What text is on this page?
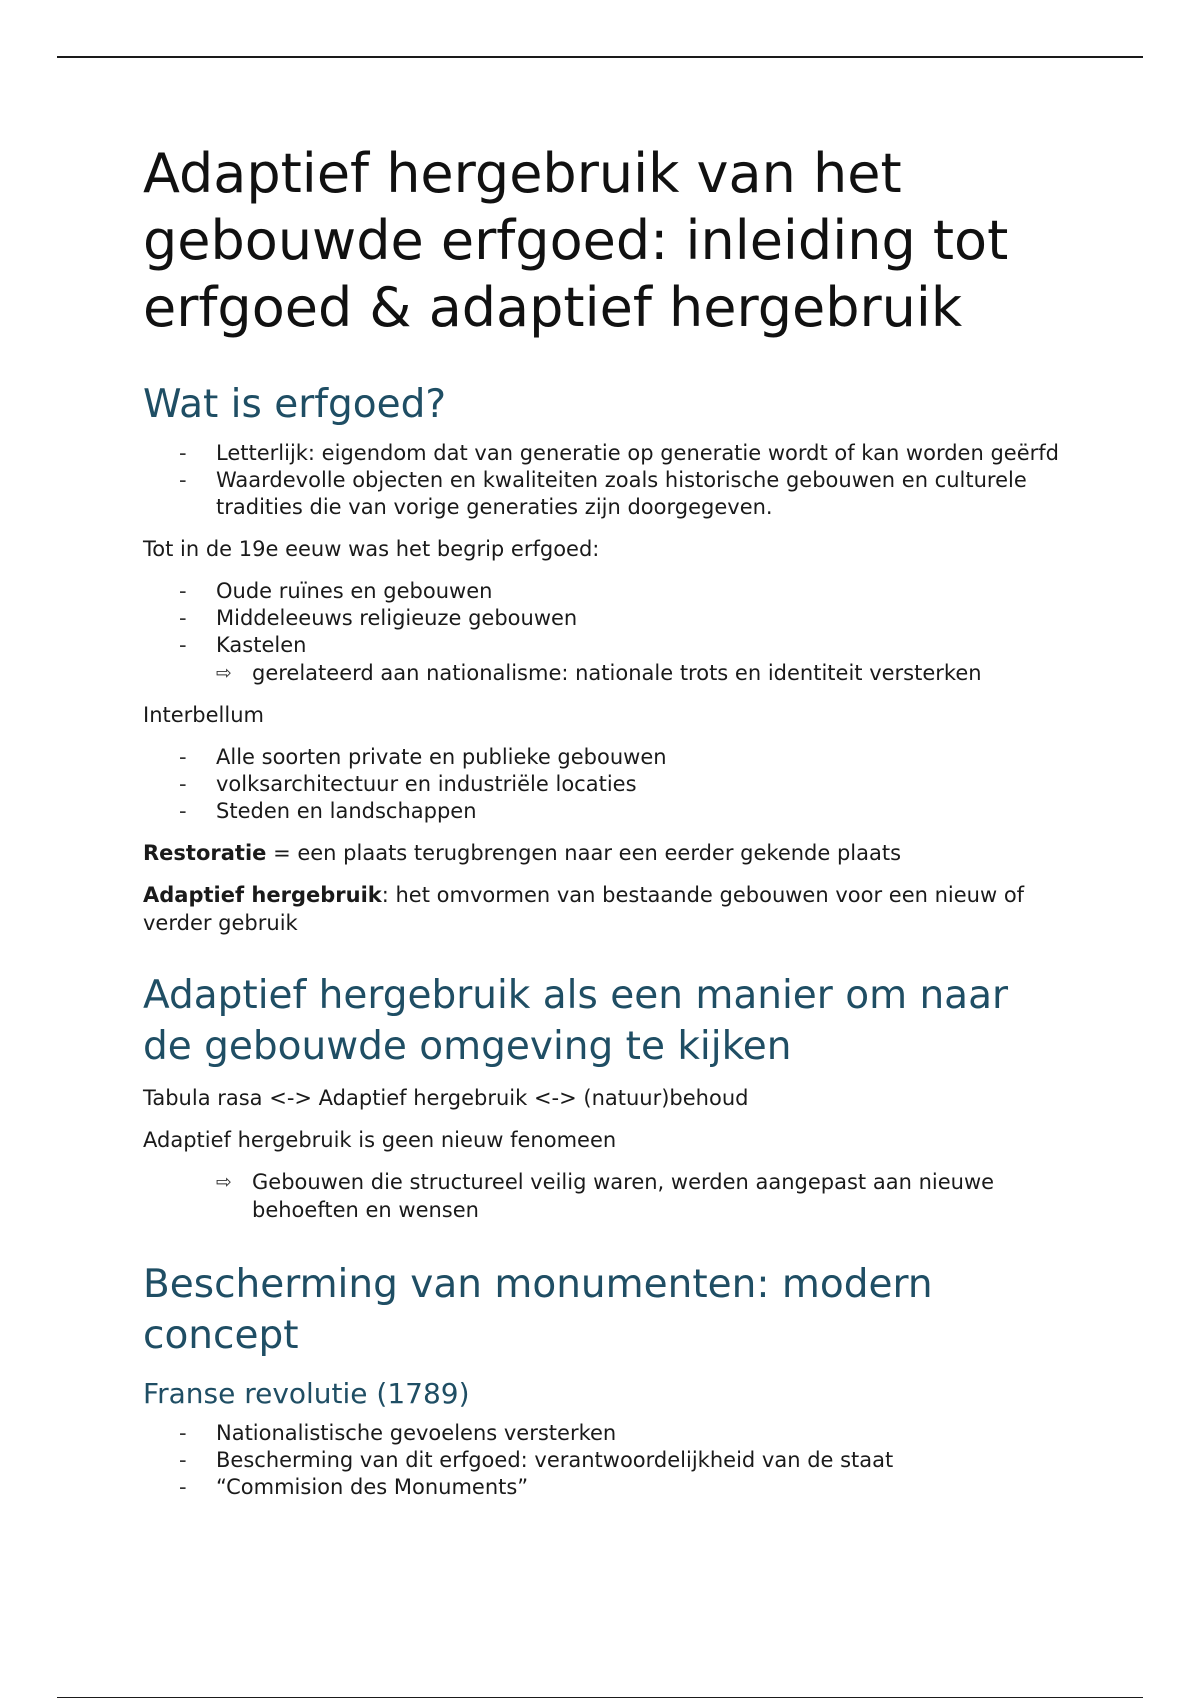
Adaptief hergebruik van het gebouwde erfgoed: inleiding tot erfgoed & adaptief hergebruik
Wat is erfgoed?
- Letterlijk: eigendom dat van generatie op generatie wordt of kan worden geërfd
- Waardevolle objecten en kwaliteiten zoals historische gebouwen en culturele tradities die van vorige generaties zijn doorgegeven.

Tot in de 19e eeuw was het begrip erfgoed:

- Oude ruïnes en gebouwen
- Middeleeuws religieuze gebouwen
- Kastelen
⇨ gerelateerd aan nationalisme: nationale trots en identiteit versterken

Interbellum

- Alle soorten private en publieke gebouwen
- volksarchitectuur en industriële locaties
- Steden en landschappen

Restoratie = een plaats terugbrengen naar een eerder gekende plaats

Adaptief hergebruik: het omvormen van bestaande gebouwen voor een nieuw of verder gebruik

Adaptief hergebruik als een manier om naar de gebouwde omgeving te kijken

Tabula rasa <-> Adaptief hergebruik <-> (natuur)behoud

Adaptief hergebruik is geen nieuw fenomeen

⇨ Gebouwen die structureel veilig waren, werden aangepast aan nieuwe behoeften en wensen
Bescherming van monumenten: modern concept
Franse revolutie (1789)
- Nationalistische gevoelens versterken
- Bescherming van dit erfgoed: verantwoordelijkheid van de staat
- “Commision des Monuments”
